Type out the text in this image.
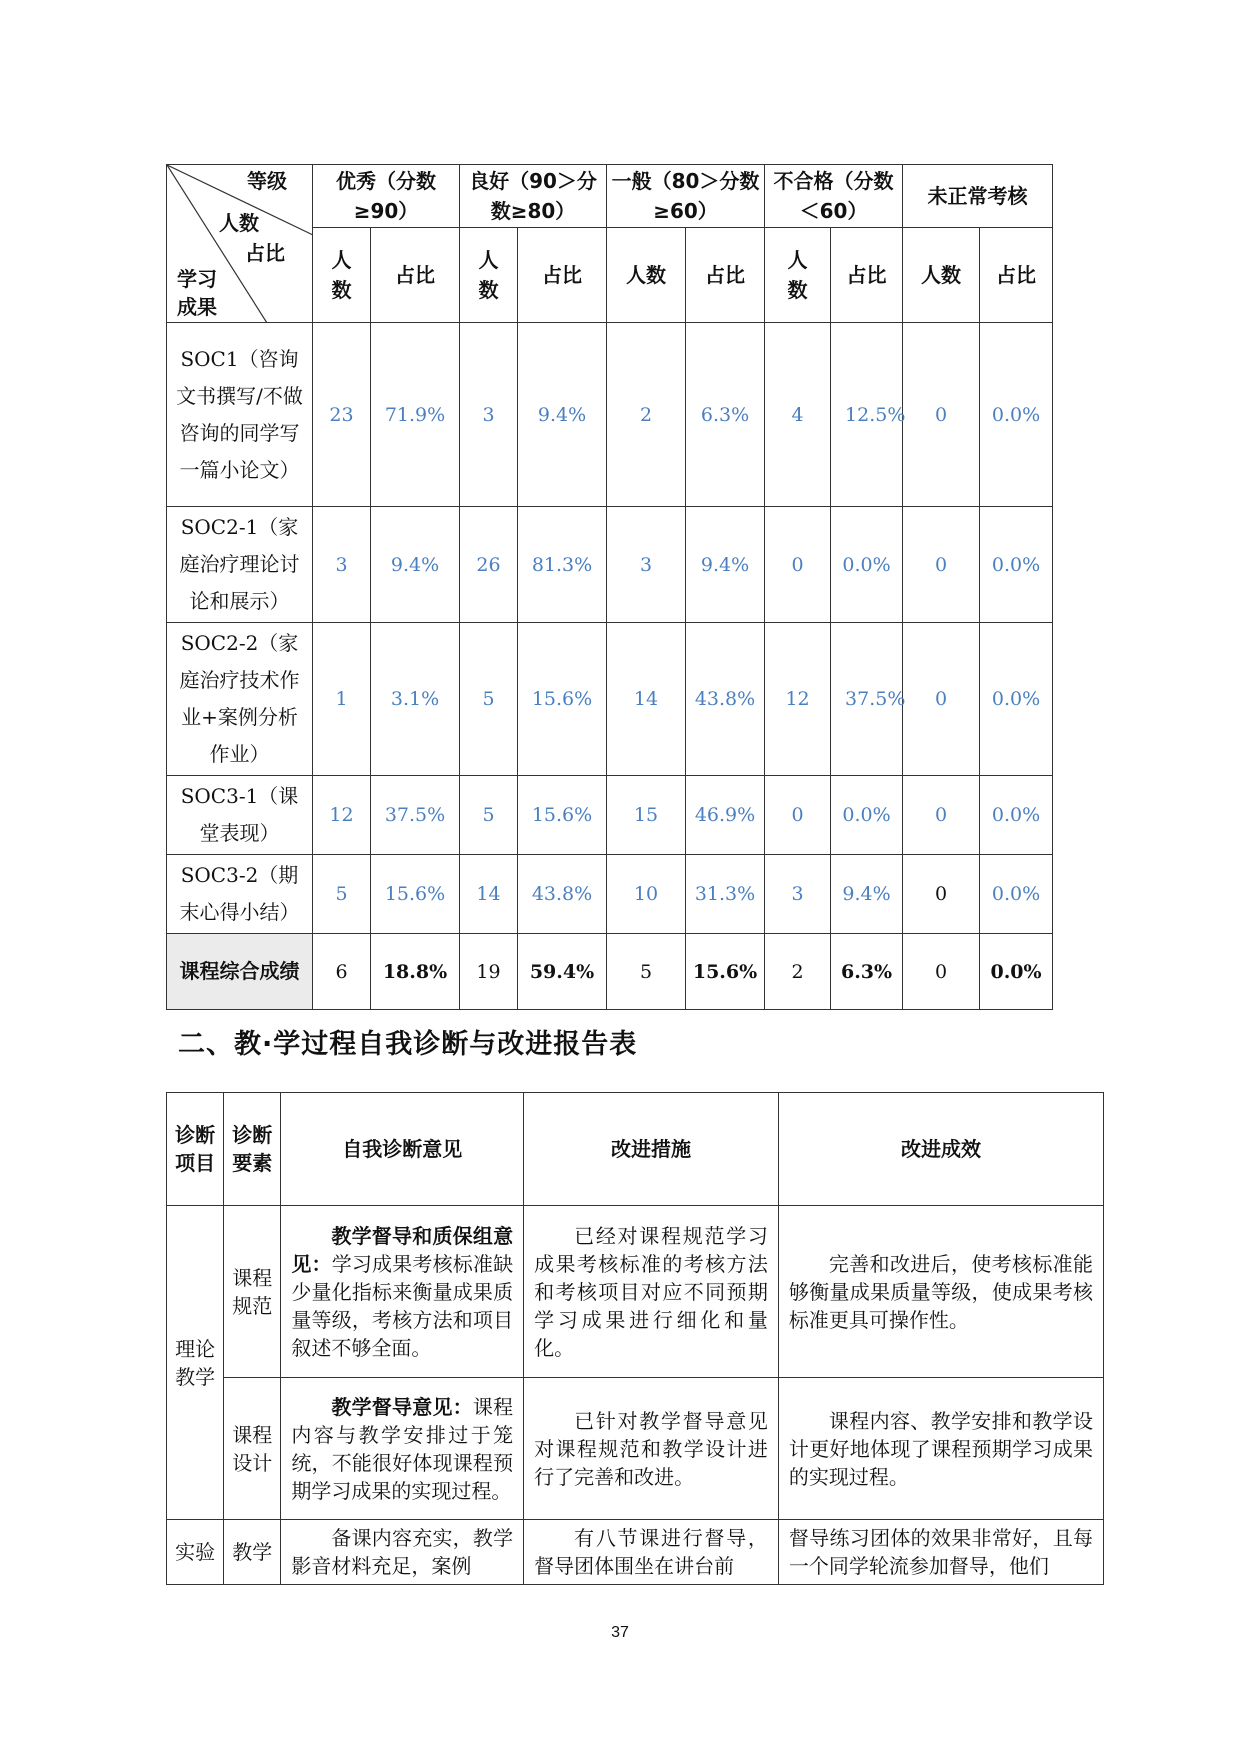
等级
人数
占比
学习
成果	优秀（分数≥90）		良好（90＞分数≥80）		一般（80＞分数≥60）		不合格（分数＜60）		未正常考核	
	人数	占比	人数	占比	人数	占比	人数	占比	人数	占比
SOC1（咨询文书撰写/不做咨询的同学写一篇小论文）	23	71.9%	3	9.4%	2	6.3%	4	12.5%	0	0.0%
SOC2-1（家庭治疗理论讨论和展示）	3	9.4%	26	81.3%	3	9.4%	0	0.0%	0	0.0%
SOC2-2（家庭治疗技术作业+案例分析作业）	1	3.1%	5	15.6%	14	43.8%	12	37.5%	0	0.0%
SOC3-1（课堂表现）	12	37.5%	5	15.6%	15	46.9%	0	0.0%	0	0.0%
SOC3-2（期末心得小结）	5	15.6%	14	43.8%	10	31.3%	3	9.4%	0	0.0%
课程综合成绩	6	18.8%	19	59.4%	5	15.6%	2	6.3%	0	0.0%
二、教·学过程自我诊断与改进报告表
诊断项目	诊断要素	自我诊断意见	改进措施	改进成效
理论教学	课程规范	教学督导和质保组意见：学习成果考核标准缺少量化指标来衡量成果质量等级，考核方法和项目叙述不够全面。	已经对课程规范学习成果考核标准的考核方法和考核项目对应不同预期学习成果进行细化和量化。	完善和改进后，使考核标准能够衡量成果质量等级，使成果考核标准更具可操作性。

	课程设计	教学督导意见：课程内容与教学安排过于笼统，不能很好体现课程预期学习成果的实现过程。	已针对教学督导意见对课程规范和教学设计进行了完善和改进。	课程内容、教学安排和教学设计更好地体现了课程预期学习成果的实现过程。

实验	教学	备课内容充实，教学影音材料充足，案例	有八节课进行督导，督导团体围坐在讲台前	督导练习团体的效果非常好，且每一个同学轮流参加督导，他们
37
